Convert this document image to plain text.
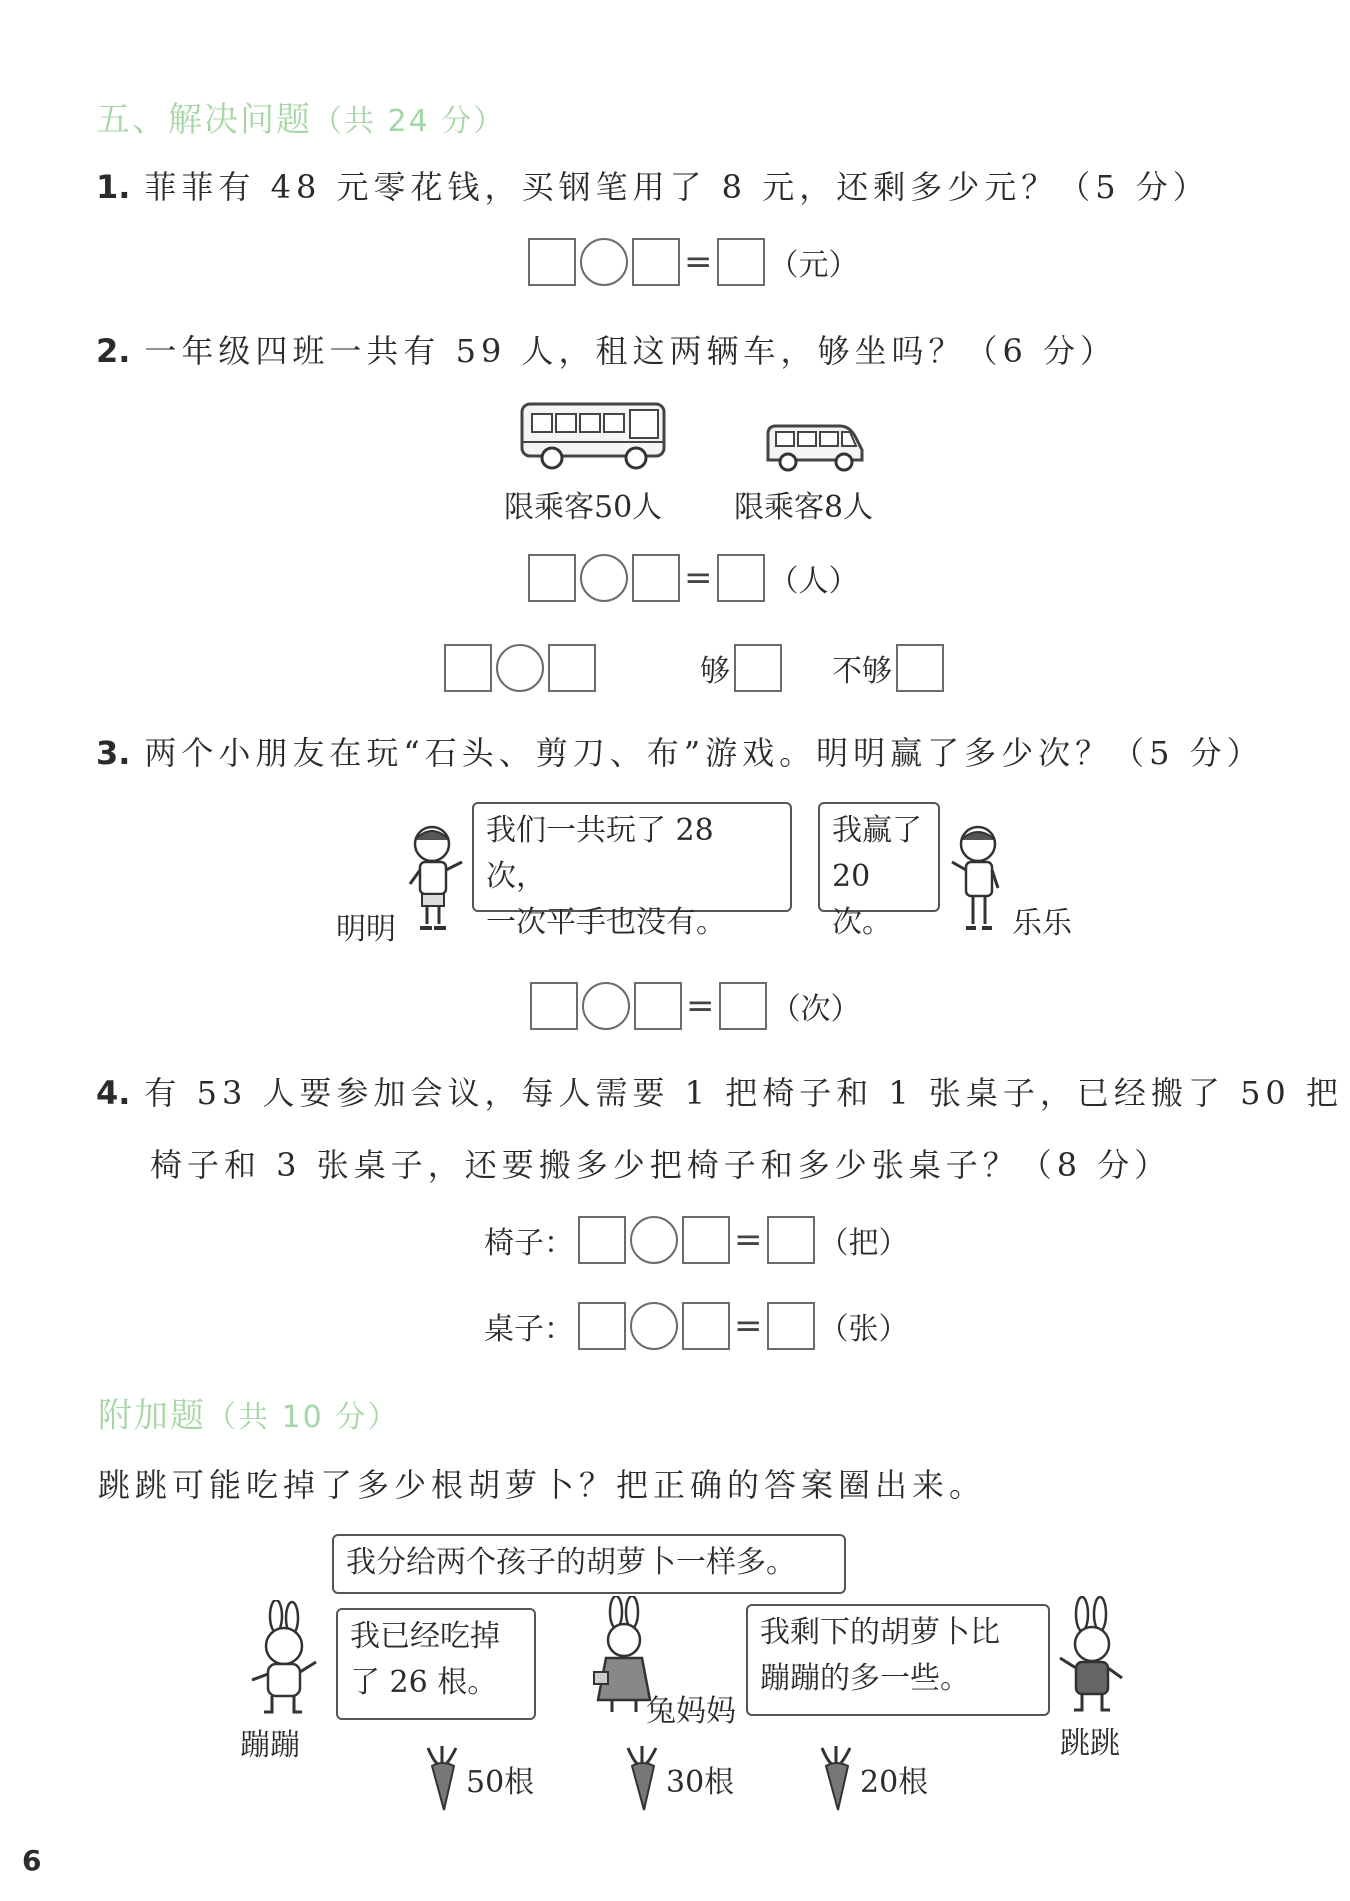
五、解决问题（共 24 分）
1. 菲菲有 48 元零花钱，买钢笔用了 8 元，还剩多少元？（5 分）
= （元）
2. 一年级四班一共有 59 人，租这两辆车，够坐吗？（6 分）
限乘客50人 限乘客8人
= （人）
够	不够
3. 两个小朋友在玩“石头、剪刀、布”游戏。明明赢了多少次？（5 分）
我们一共玩了 28 次，
一次平手也没有。
我赢了
20 次。
明明	乐乐
= （次）
4. 有 53 人要参加会议，每人需要 1 把椅子和 1 张桌子，已经搬了 50 把
椅子和 3 张桌子，还要搬多少把椅子和多少张桌子？（8 分）
椅子：	= （把）
桌子：	= （张）
附加题（共 10 分）
跳跳可能吃掉了多少根胡萝卜？把正确的答案圈出来。
我分给两个孩子的胡萝卜一样多。
我已经吃掉
了 26 根。
我剩下的胡萝卜比
蹦蹦的多一些。
蹦蹦
兔妈妈
跳跳
50根	30根	20根
6
